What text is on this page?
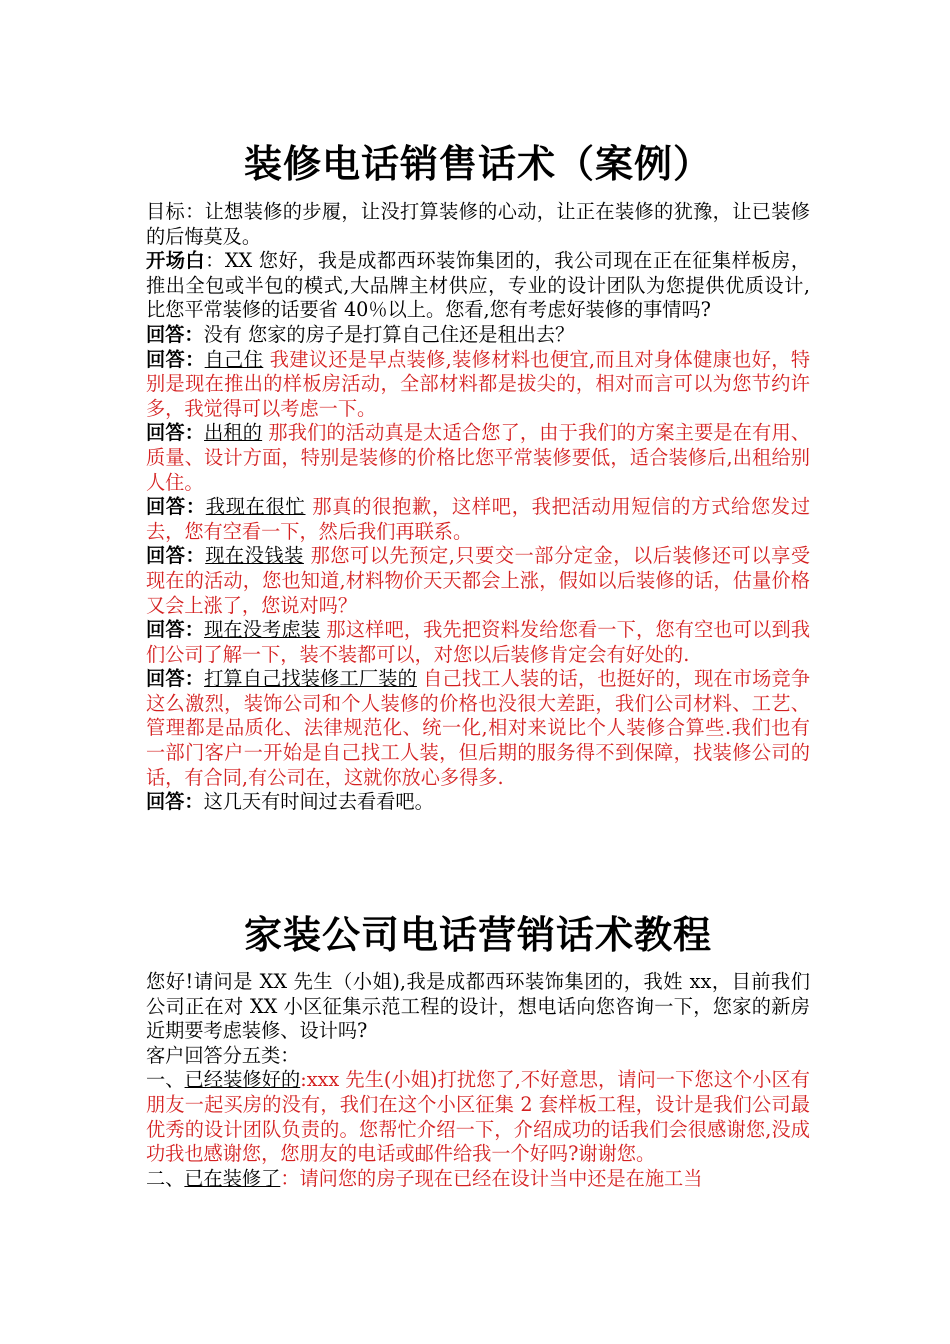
装修电话销售话术（案例）

目标：让想装修的步履，让没打算装修的心动，让正在装修的犹豫，让已装修的后悔莫及。

开场白：XX 您好，我是成都西环装饰集团的，我公司现在正在征集样板房，推出全包或半包的模式,大品牌主材供应，专业的设计团队为您提供优质设计,比您平常装修的话要省 40％以上。您看,您有考虑好装修的事情吗?

回答：没有 您家的房子是打算自己住还是租出去？

回答：自己住 我建议还是早点装修,装修材料也便宜,而且对身体健康也好，特别是现在推出的样板房活动，全部材料都是拔尖的，相对而言可以为您节约许多，我觉得可以考虑一下。

回答：出租的 那我们的活动真是太适合您了，由于我们的方案主要是在有用、质量、设计方面，特别是装修的价格比您平常装修要低，适合装修后,出租给别人住。

回答：我现在很忙 那真的很抱歉，这样吧，我把活动用短信的方式给您发过去，您有空看一下，然后我们再联系。

回答：现在没钱装 那您可以先预定,只要交一部分定金，以后装修还可以享受现在的活动，您也知道,材料物价天天都会上涨，假如以后装修的话，估量价格又会上涨了，您说对吗？

回答：现在没考虑装 那这样吧，我先把资料发给您看一下，您有空也可以到我们公司了解一下，装不装都可以，对您以后装修肯定会有好处的.

回答：打算自己找装修工厂装的 自己找工人装的话，也挺好的，现在市场竞争这么激烈，装饰公司和个人装修的价格也没很大差距，我们公司材料、工艺、管理都是品质化、法律规范化、统一化,相对来说比个人装修合算些.我们也有一部门客户一开始是自己找工人装，但后期的服务得不到保障，找装修公司的话，有合同,有公司在，这就你放心多得多.

回答：这几天有时间过去看看吧。

家装公司电话营销话术教程

您好!请问是 XX 先生（小姐),我是成都西环装饰集团的，我姓 xx，目前我们公司正在对 XX 小区征集示范工程的设计，想电话向您咨询一下，您家的新房近期要考虑装修、设计吗?

客户回答分五类：

一、已经装修好的:xxx 先生(小姐)打扰您了,不好意思，请问一下您这个小区有朋友一起买房的没有，我们在这个小区征集 2 套样板工程，设计是我们公司最优秀的设计团队负责的。您帮忙介绍一下，介绍成功的话我们会很感谢您,没成功我也感谢您，您朋友的电话或邮件给我一个好吗?谢谢您。

二、已在装修了：请问您的房子现在已经在设计当中还是在施工当
